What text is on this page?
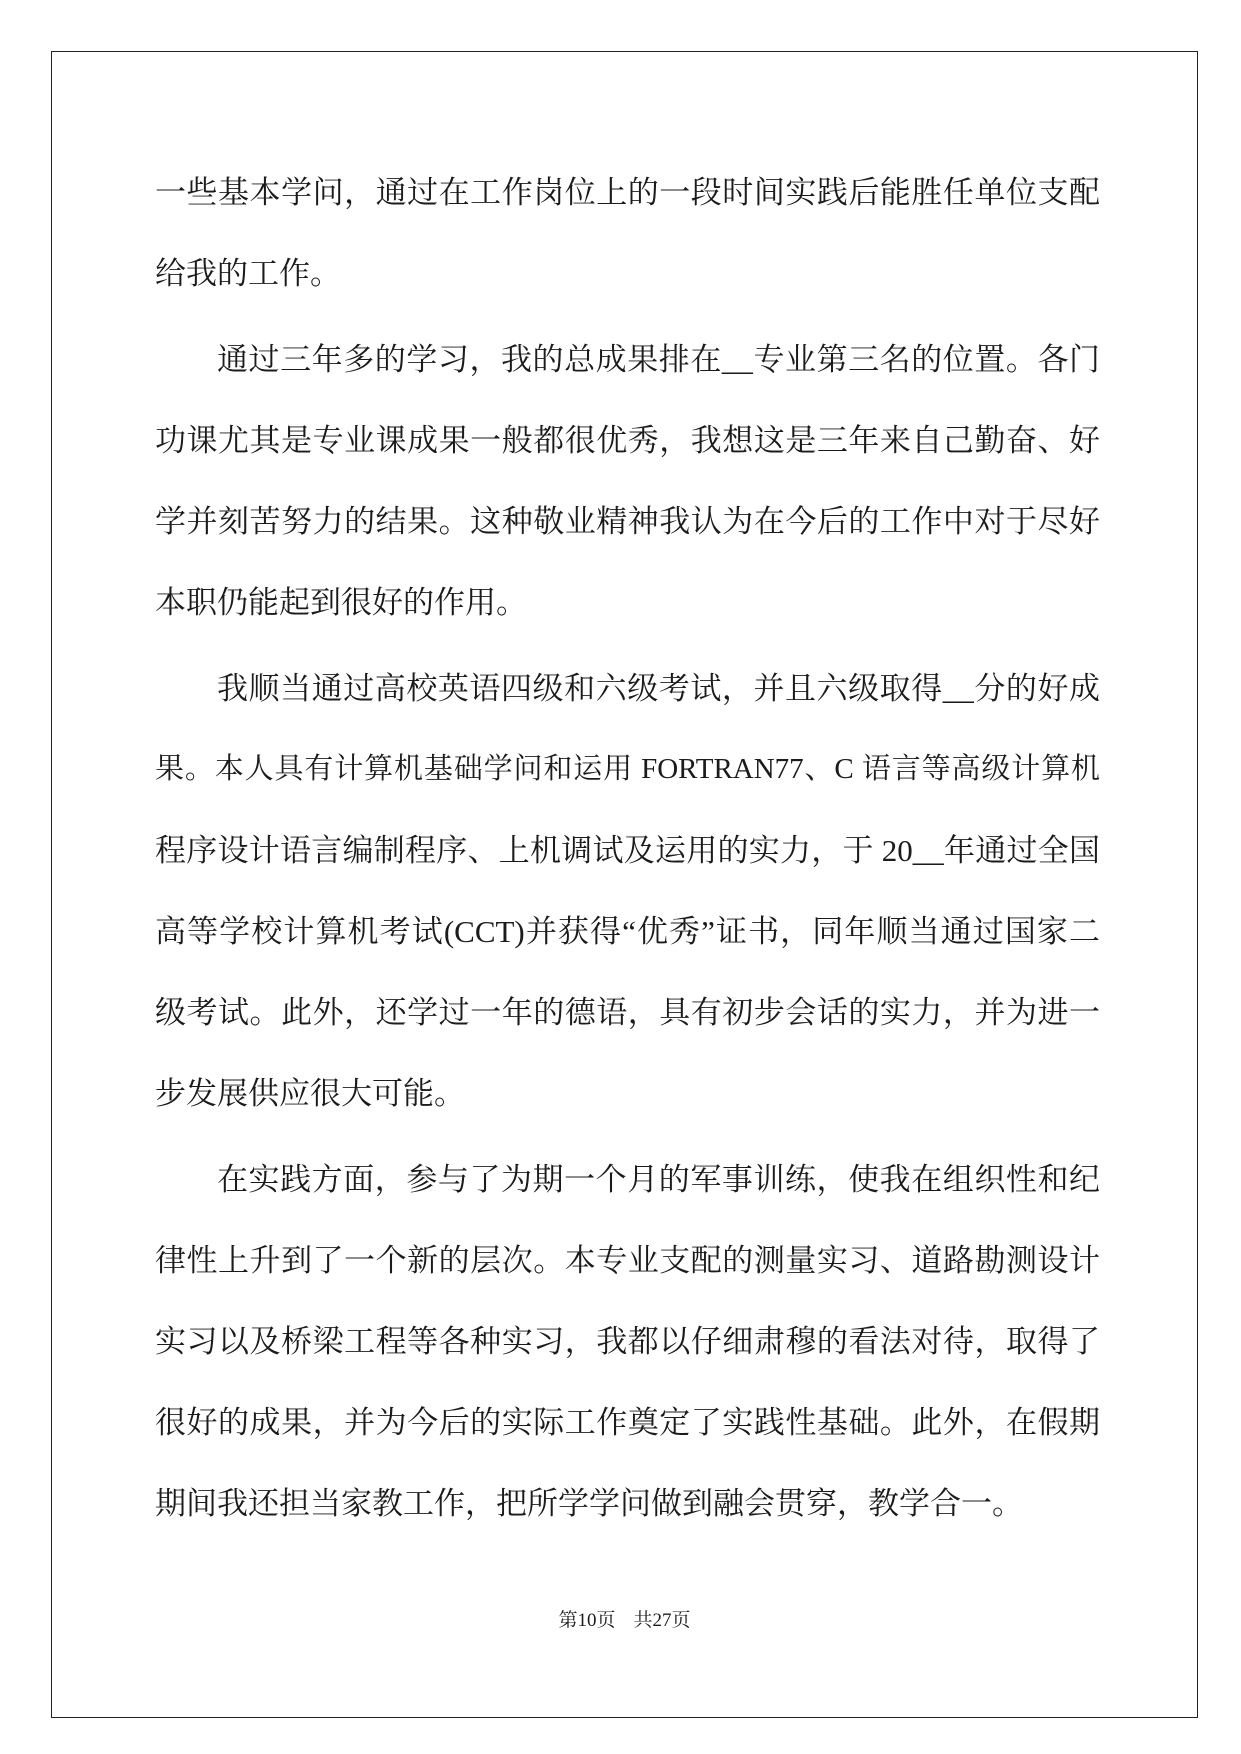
一些基本学问，通过在工作岗位上的一段时间实践后能胜任单位支配
给我的工作。
通过三年多的学习，我的总成果排在__专业第三名的位置。各门
功课尤其是专业课成果一般都很优秀，我想这是三年来自己勤奋、好
学并刻苦努力的结果。这种敬业精神我认为在今后的工作中对于尽好
本职仍能起到很好的作用。
我顺当通过高校英语四级和六级考试，并且六级取得__分的好成
果。本人具有计算机基础学问和运用 FORTRAN77、C 语言等高级计算机
程序设计语言编制程序、上机调试及运用的实力，于 20__年通过全国
高等学校计算机考试(CCT)并获得“优秀”证书，同年顺当通过国家二
级考试。此外，还学过一年的德语，具有初步会话的实力，并为进一
步发展供应很大可能。
在实践方面，参与了为期一个月的军事训练，使我在组织性和纪
律性上升到了一个新的层次。本专业支配的测量实习、道路勘测设计
实习以及桥梁工程等各种实习，我都以仔细肃穆的看法对待，取得了
很好的成果，并为今后的实际工作奠定了实践性基础。此外，在假期
期间我还担当家教工作，把所学学问做到融会贯穿，教学合一。
第10页 共27页
